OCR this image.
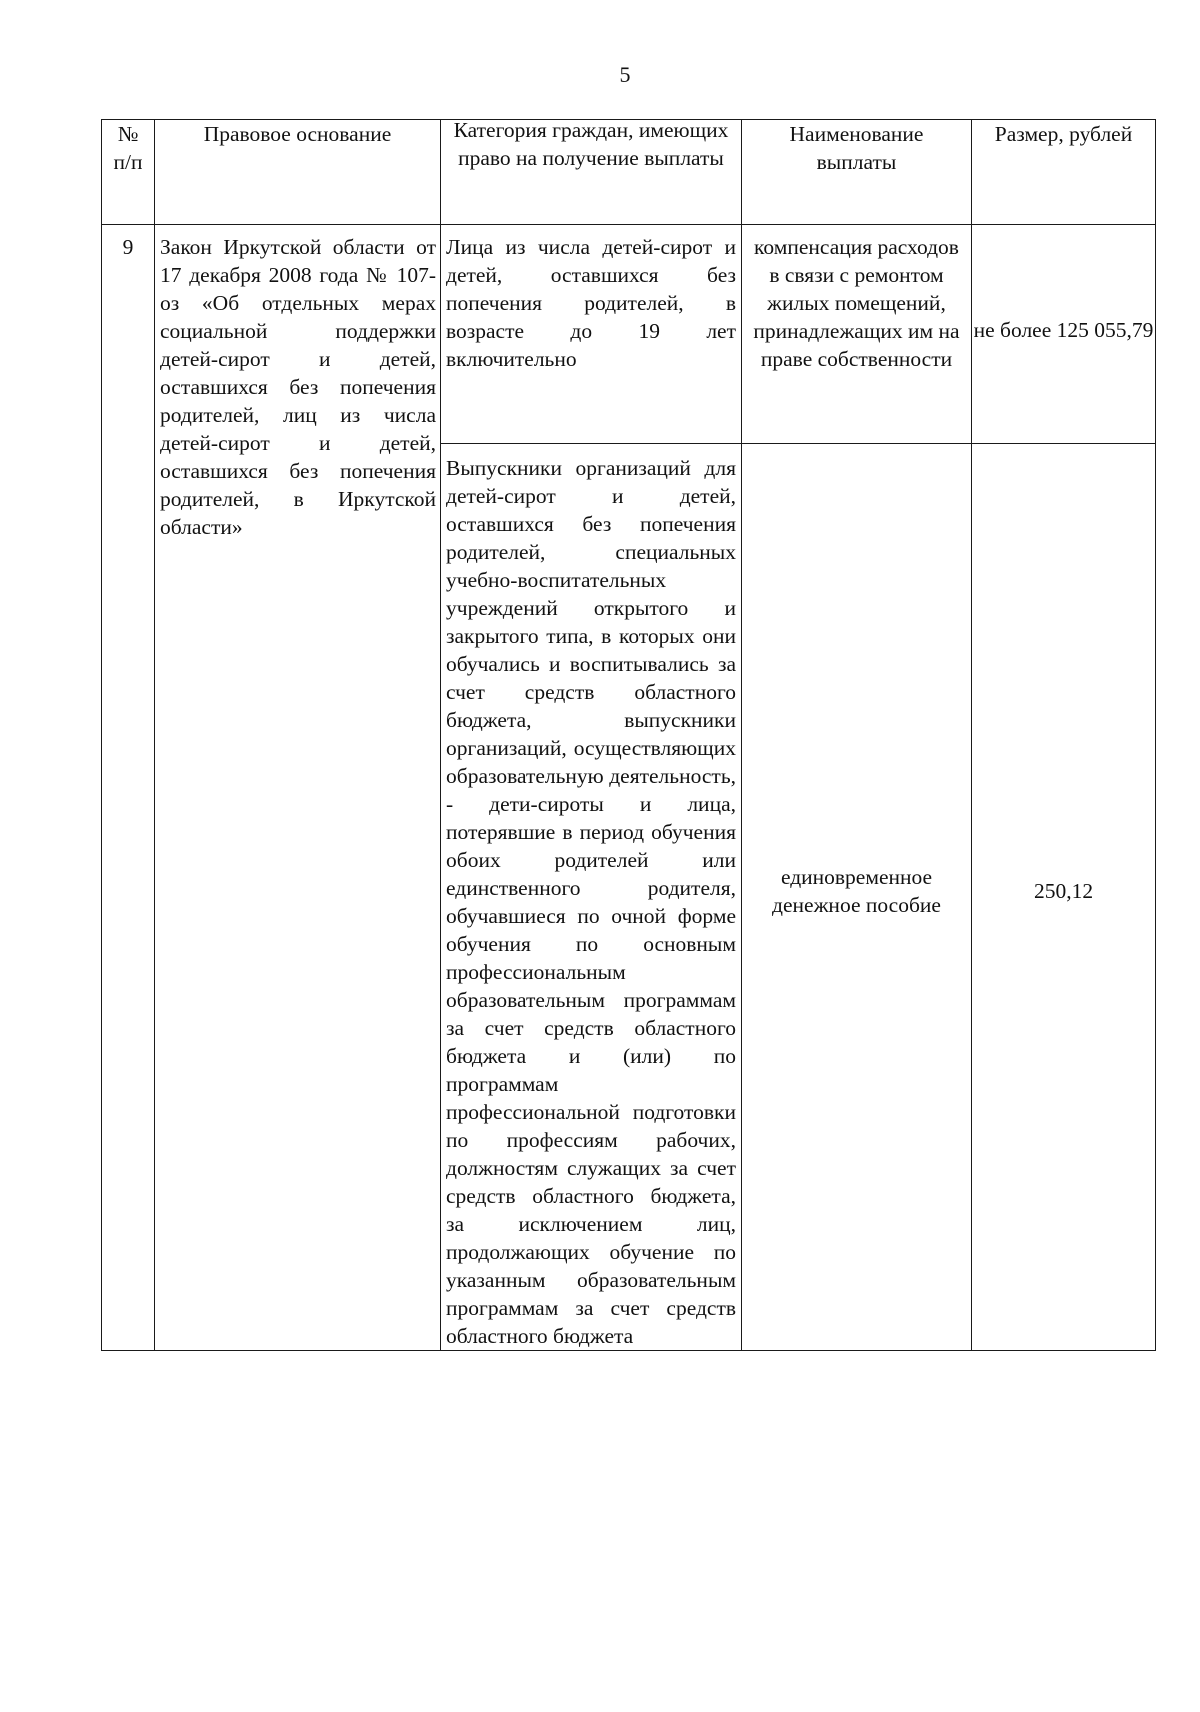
5
№ п/п	Правовое основание	Категория граждан, имеющих право на получение выплаты	Наименование выплаты	Размер, рублей

9	Закон Иркутской области от 17 декабря 2008 года № 107-оз «Об отдельных мерах социальной поддержки детей-сирот и детей, оставшихся без попечения родителей, лиц из числа детей-сирот и детей, оставшихся без попечения родителей, в Иркутской области»	Лица из числа детей-сирот и детей, оставшихся без попечения родителей, в возрасте до 19 лет включительно	компенсация расходов в связи с ремонтом жилых помещений, принадлежащих им на праве собственности	не более 125 055,79

		Выпускники организаций для детей-сирот и детей, оставшихся без попечения родителей, специальных учебно-воспитательных учреждений открытого и закрытого типа, в которых они обучались и воспитывались за счет средств областного бюджета, выпускники организаций, осуществляющих образовательную деятельность, - дети-сироты и лица, потерявшие в период обучения обоих родителей или единственного родителя, обучавшиеся по очной форме обучения по основным профессиональным образовательным программам за счет средств областного бюджета и (или) по программам профессиональной подготовки по профессиям рабочих, должностям служащих за счет средств областного бюджета, за исключением лиц, продолжающих обучение по указанным образовательным программам за счет средств областного бюджета	единовременное денежное пособие	250,12
